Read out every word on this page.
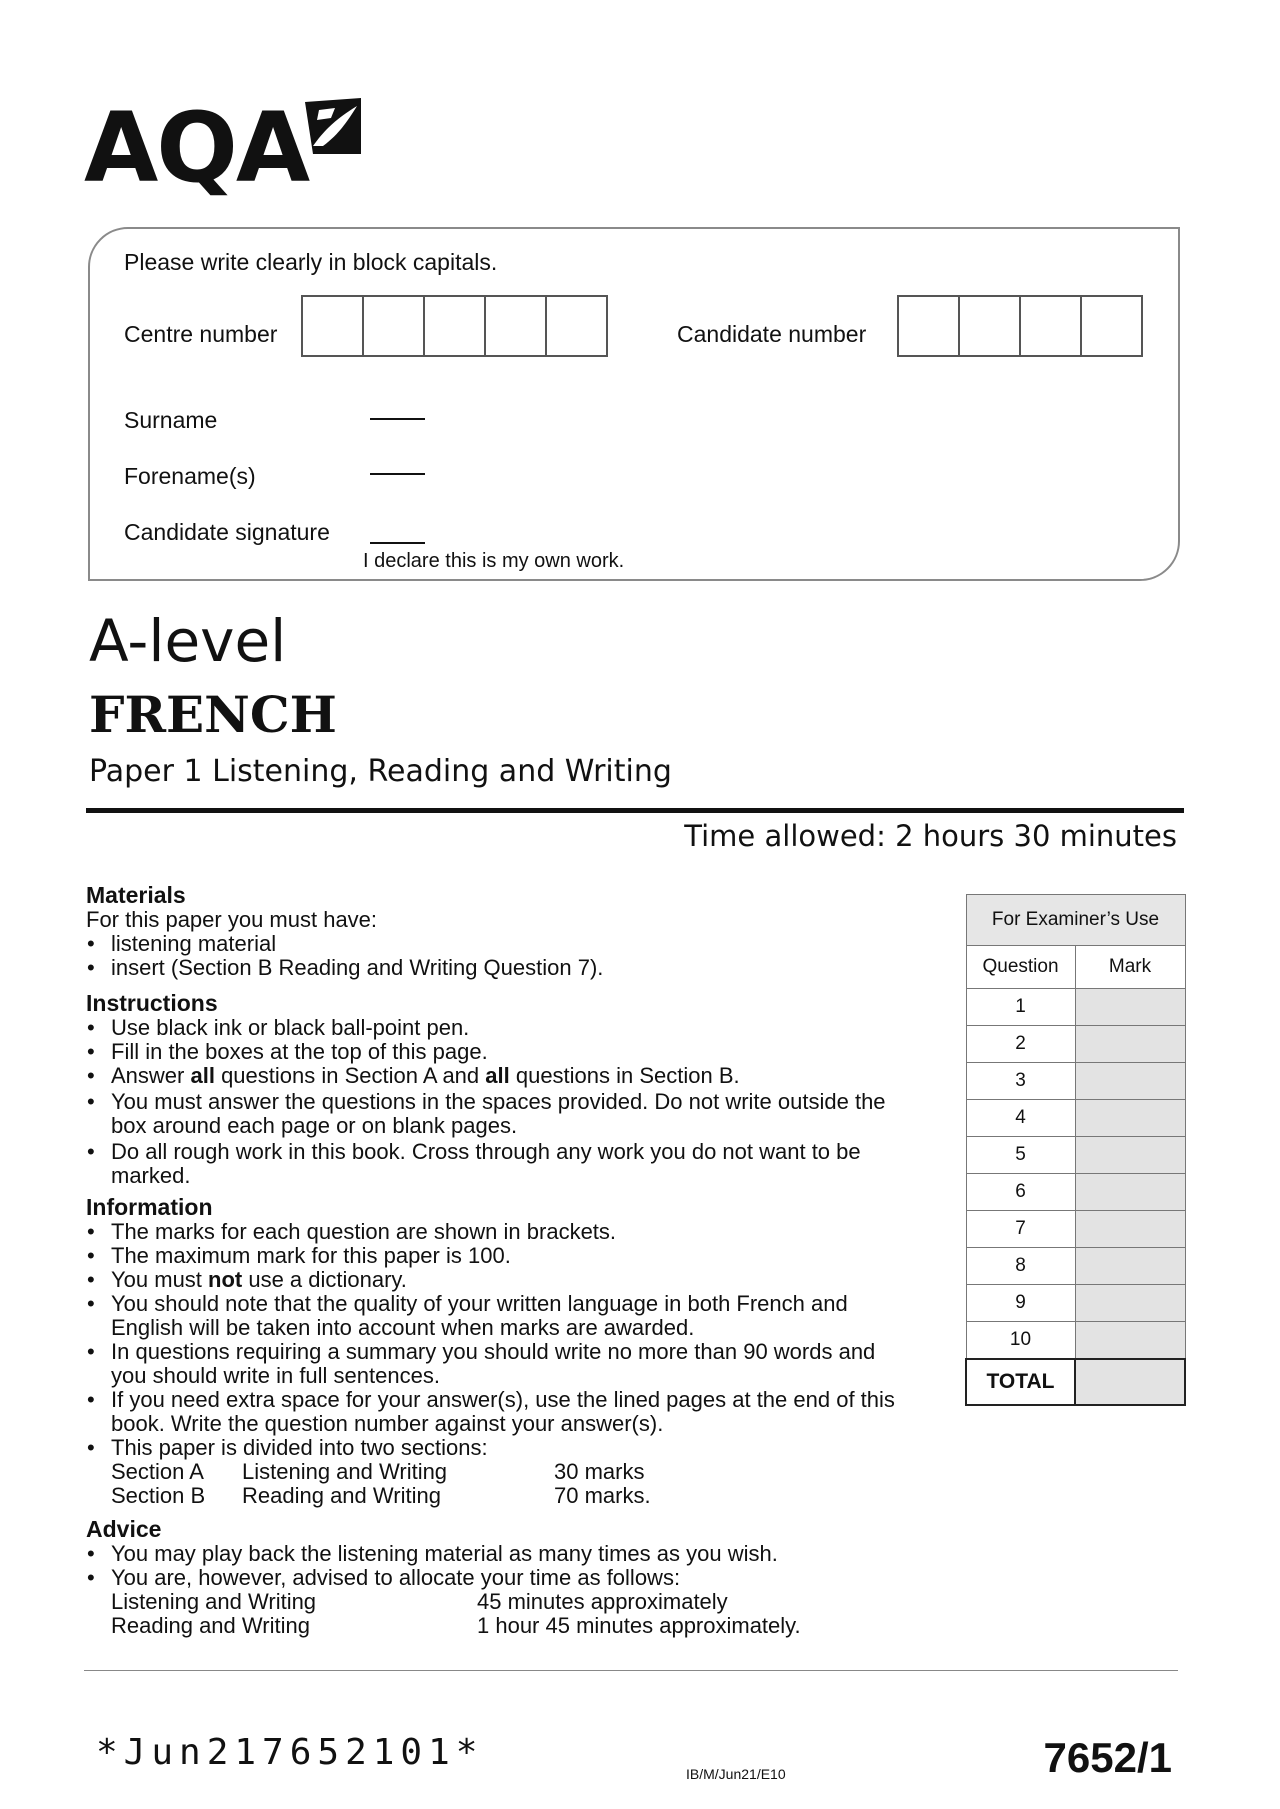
AQA
Please write clearly in block capitals.
Centre number	Candidate number
Surname
Forename(s)
Candidate signature
I declare this is my own work.
A-level
FRENCH
Paper 1 Listening, Reading and Writing
Time allowed: 2 hours 30 minutes
Materials

For this paper you must have:

• listening material
• insert (Section B Reading and Writing Question 7).
Instructions
• Use black ink or black ball-point pen.
• Fill in the boxes at the top of this page.
• Answer all questions in Section A and all questions in Section B.
• You must answer the questions in the spaces provided. Do not write outside the box around each page or on blank pages.
• Do all rough work in this book. Cross through any work you do not want to be marked.
Information
• The marks for each question are shown in brackets.
• The maximum mark for this paper is 100.
• You must not use a dictionary.
• You should note that the quality of your written language in both French and English will be taken into account when marks are awarded.
• In questions requiring a summary you should write no more than 90 words and you should write in full sentences.
• If you need extra space for your answer(s), use the lined pages at the end of this book. Write the question number against your answer(s).
• This paper is divided into two sections:
Section A	Listening and Writing	30 marks
Section B	Reading and Writing	70 marks.
Advice
• You may play back the listening material as many times as you wish.
• You are, however, advised to allocate your time as follows:
Listening and Writing	45 minutes approximately
Reading and Writing	1 hour 45 minutes approximately.
For Examiner’s Use	
Question	Mark
1	
2	
3	
4	
5	
6	
7	
8	
9	
10	
TOTAL	
*Jun217652101*
IB/M/Jun21/E10	7652/1
